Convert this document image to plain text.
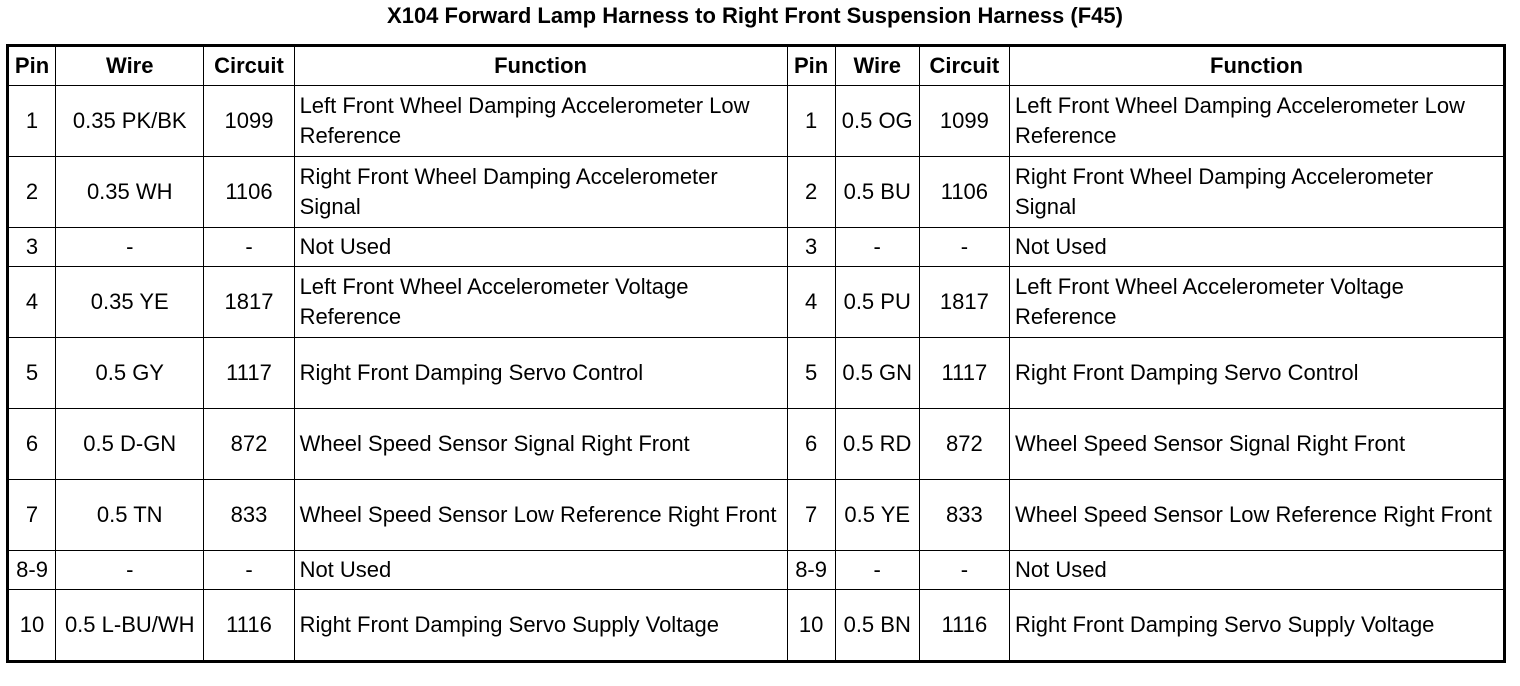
X104 Forward Lamp Harness to Right Front Suspension Harness (F45)
Pin	Wire	Circuit	Function	Pin	Wire	Circuit	Function
1	0.35 PK/BK	1099	Left Front Wheel Damping Accelerometer Low Reference	1	0.5 OG	1099	Left Front Wheel Damping Accelerometer Low Reference
2	0.35 WH	1106	Right Front Wheel Damping Accelerometer Signal	2	0.5 BU	1106	Right Front Wheel Damping Accelerometer Signal
3	-	-	Not Used	3	-	-	Not Used
4	0.35 YE	1817	Left Front Wheel Accelerometer Voltage Reference	4	0.5 PU	1817	Left Front Wheel Accelerometer Voltage Reference
5	0.5 GY	1117	Right Front Damping Servo Control	5	0.5 GN	1117	Right Front Damping Servo Control
6	0.5 D-GN	872	Wheel Speed Sensor Signal Right Front	6	0.5 RD	872	Wheel Speed Sensor Signal Right Front
7	0.5 TN	833	Wheel Speed Sensor Low Reference Right Front	7	0.5 YE	833	Wheel Speed Sensor Low Reference Right Front
8-9	-	-	Not Used	8-9	-	-	Not Used
10	0.5 L-BU/WH	1116	Right Front Damping Servo Supply Voltage	10	0.5 BN	1116	Right Front Damping Servo Supply Voltage
